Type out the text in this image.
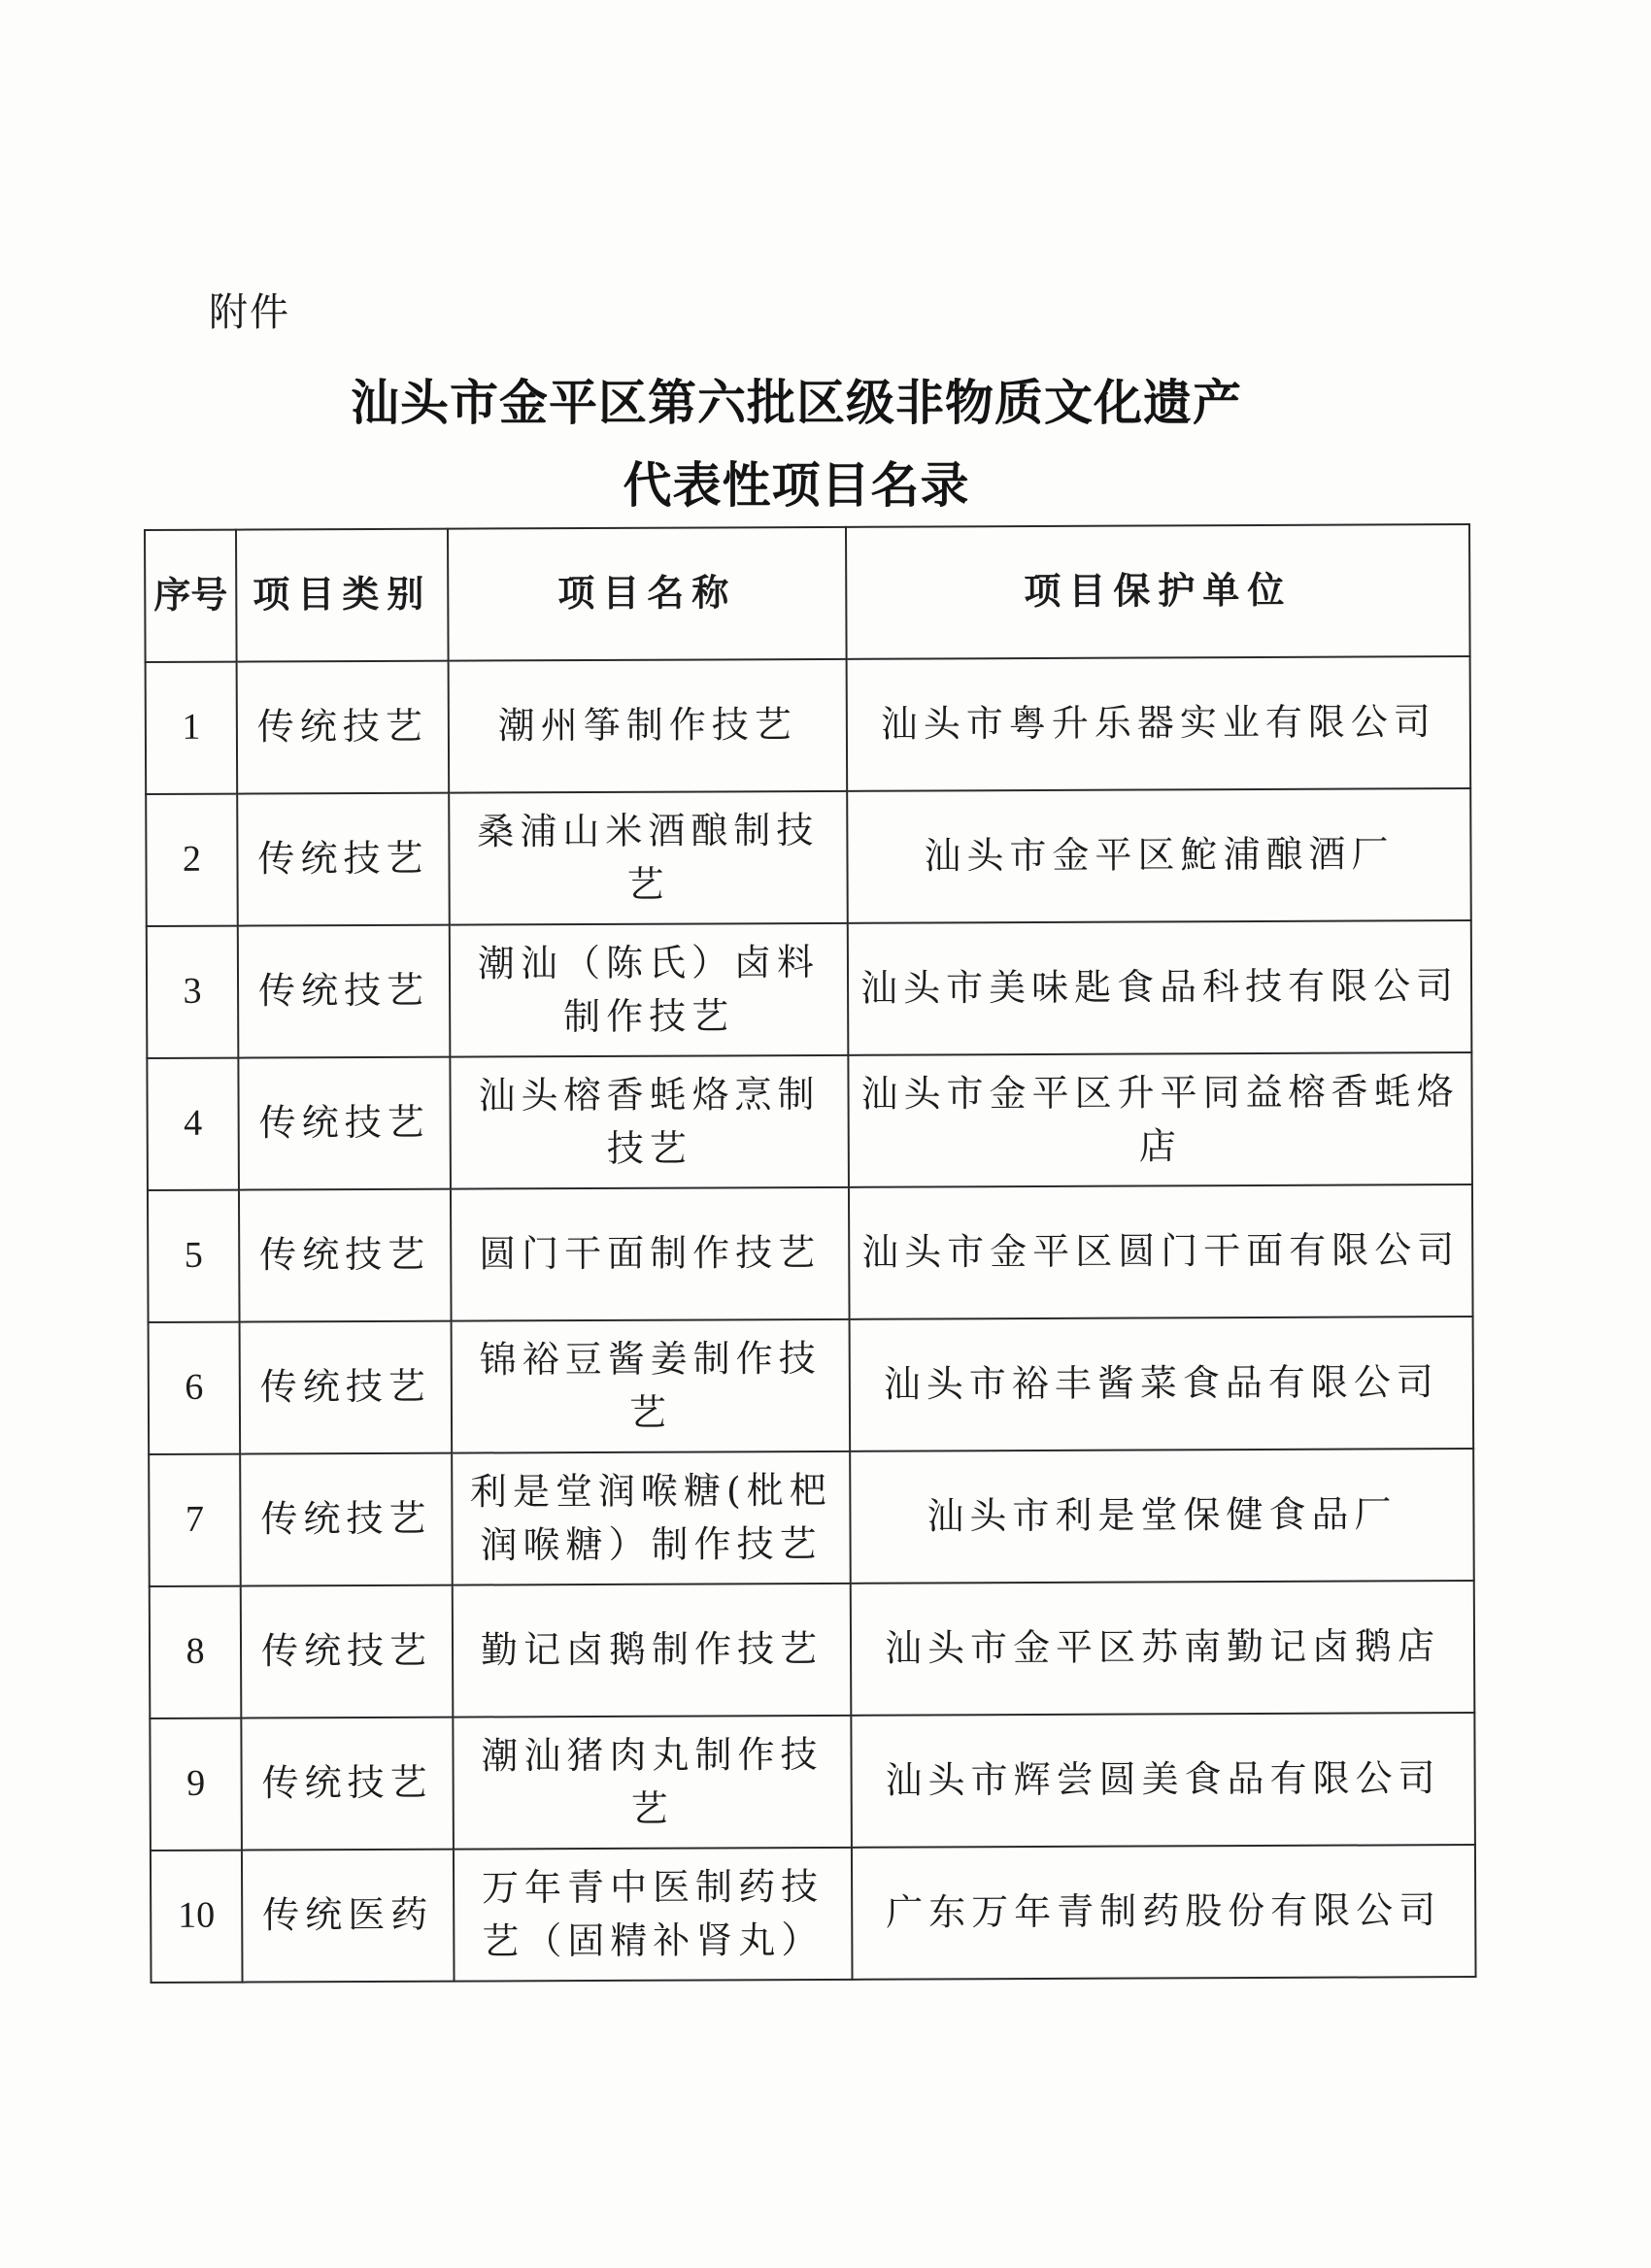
附件
汕头市金平区第六批区级非物质文化遗产
代表性项目名录
序号	项目类别	项目名称	项目保护单位
1	传统技艺	潮州筝制作技艺	汕头市粤升乐器实业有限公司
2	传统技艺	桑浦山米酒酿制技艺	汕头市金平区鮀浦酿酒厂
3	传统技艺	潮汕（陈氏）卤料制作技艺	汕头市美味匙食品科技有限公司
4	传统技艺	汕头榕香蚝烙烹制技艺	汕头市金平区升平同益榕香蚝烙店
5	传统技艺	圆门干面制作技艺	汕头市金平区圆门干面有限公司
6	传统技艺	锦裕豆酱姜制作技艺	汕头市裕丰酱菜食品有限公司
7	传统技艺	利是堂润喉糖(枇杷润喉糖）制作技艺	汕头市利是堂保健食品厂
8	传统技艺	勤记卤鹅制作技艺	汕头市金平区苏南勤记卤鹅店
9	传统技艺	潮汕猪肉丸制作技艺	汕头市辉尝圆美食品有限公司
10	传统医药	万年青中医制药技艺（固精补肾丸）	广东万年青制药股份有限公司
